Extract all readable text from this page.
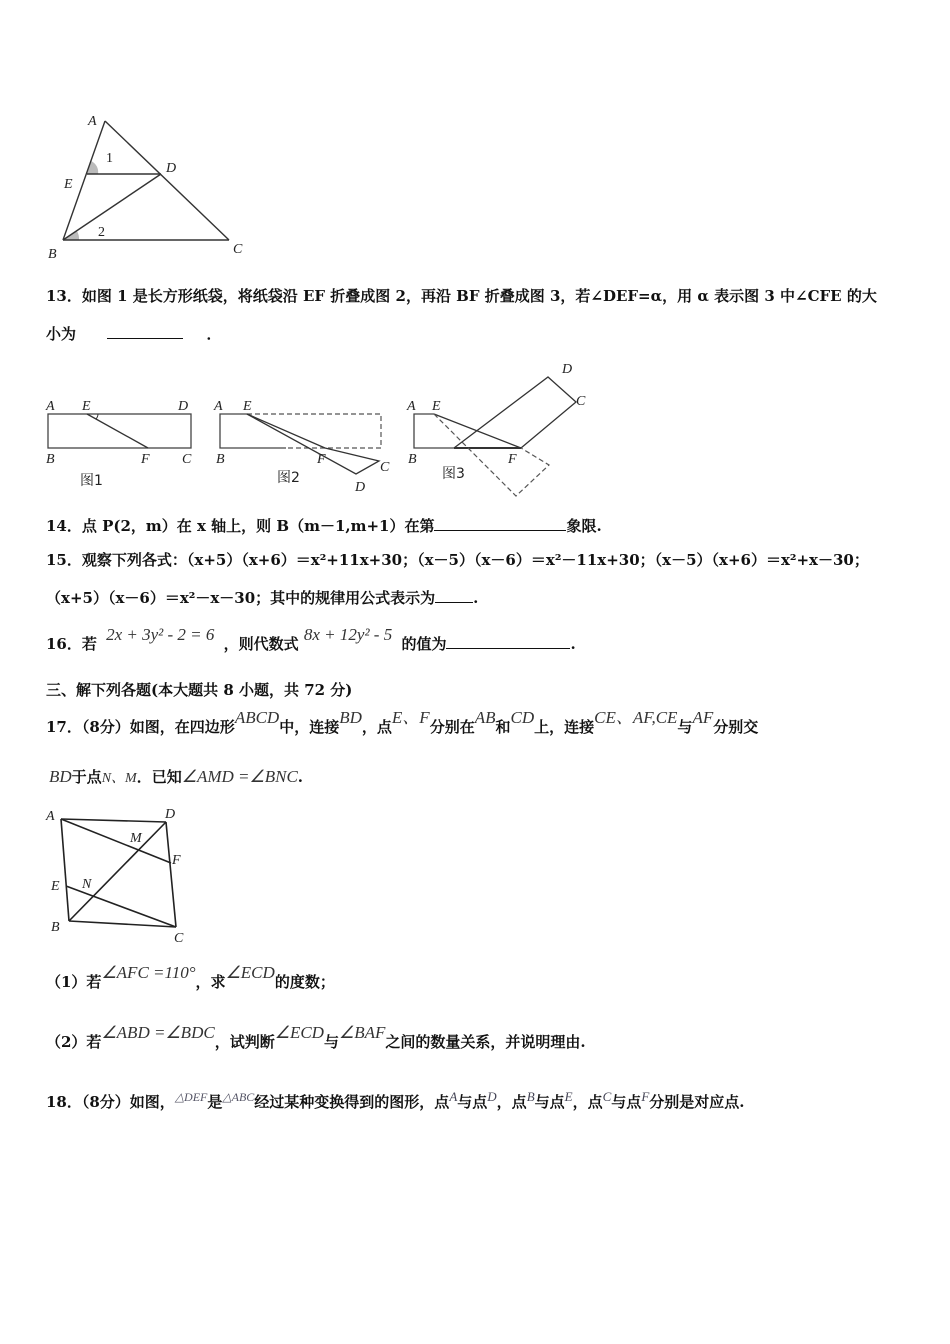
A
E
D
B	C
1
2
13．如图 1 是长方形纸袋，将纸袋沿 EF 折叠成图 2，再沿 BF 折叠成图 3，若∠DEF=α，用 α 表示图 3 中∠CFE 的大
小为	．
A E	D
B	F C
图1
A E
B	F
C
D
图2
A E
B	F
D
C
图3
14．点 P(2，m）在 x 轴上，则 B（m－1,m+1）在第	象限.
15．观察下列各式：（x+5）（x+6）＝x²+11x+30；（x－5）（x－6）＝x²－11x+30；（x－5）（x+6）＝x²+x－30；
（x+5）（x－6）＝x²－x－30；其中的规律用公式表示为	.
16．若 2x + 3y² - 2 = 6 ，则代数式 8x + 12y² - 5 的值为	.
三、解下列各题(本大题共 8 小题，共 72 分)
17．（8分）如图，在四边形ABCD中，连接BD，点E、F分别在AB和CD上，连接CE、AF,CE与AF分别交
BD于点N、M．已知∠AMD =∠BNC.
A	D
M
F
E N
B
C
（1）若∠AFC =110°，求∠ECD的度数；
（2）若∠ABD =∠BDC，试判断∠ECD与∠BAF之间的数量关系，并说明理由.
18．（8分）如图，$^{\triangle DEF}$是$^{\triangle ABC}$经过某种变换得到的图形，点A与点D，点B与点E，点C与点F分别是对应点.
